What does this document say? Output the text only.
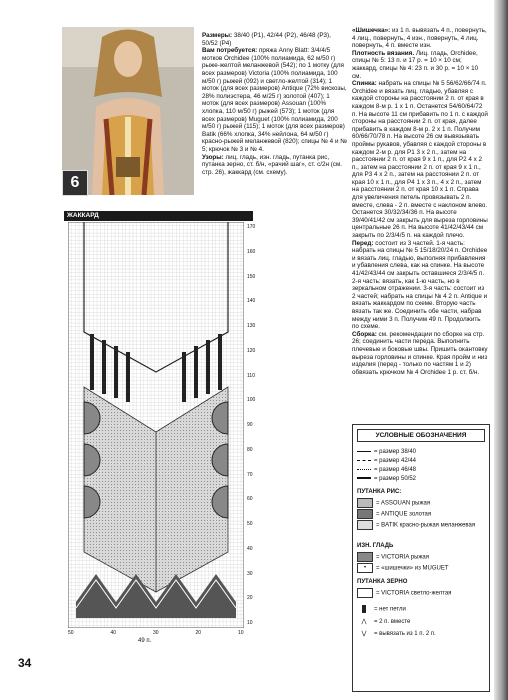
6

Размеры: 38/40 (P1), 42/44 (P2), 46/48 (P3), 50/52 (P4)

Вам потребуется: пряжа Anny Blatt: 3/4/4/5 мотков Orchidee (100% полиамида, 62 м/50 г) рыже-желтой меланжевой (542); по 1 мотку (для всех размеров) Victoria (100% полиамида, 100 м/50 г) рыжей (092) и светло-желтой (314); 1 моток (для всех размеров) Antique (72% вискозы, 28% полиэстера, 46 м/25 г) золотой (407); 1 моток (для всех размеров) Assouan (100% хлопка, 110 м/50 г) рыжей (573); 1 моток (для всех размеров) Muguet (100% полиамида, 200 м/50 г) рыжей (115); 1 моток (для всех размеров) Batik (66% хлопка, 34% нейлона, 64 м/50 г) красно-рыжей меланжевой (820); спицы № 4 и № 5; крючок № 3 и № 4.

Узоры: лиц. гладь, изн. гладь, путанка рис, путанка зерно, ст. б/н, «рачий шаг», ст. с/2н (см. стр. 26), жаккард (см. схему).

«Шишечка»: из 1 п. вывязать 4 п., повернуть, 4 лиц., повернуть, 4 изн., повернуть, 4 лиц. повернуть, 4 п. вместе изн.

Плотность вязания. Лиц. гладь, Orchidee, спицы № 5: 13 п. и 17 р. = 10 × 10 см; жаккард, спицы № 4: 23 п. и 30 р. = 10 × 10 см.

Спинка: набрать на спицы № 5 56/62/66/74 п. Orchidee и вязать лиц. гладью, убавляя с каждой стороны на расстоянии 2 п. от края в каждом 8-м р. 1 х 1 п. Останется 54/60/64/72 п. На высоте 11 см прибавить по 1 п. с каждой стороны на расстоянии 2 п. от края, далее прибавить в каждом 8-м р. 2 х 1 п. Получим 60/66/70/78 п. На высоте 26 см вывязывать проймы рукавов, убавляя с каждой стороны в каждом 2-м р. для P1 3 х 2 п., затем на расстоянии 2 п. от края 9 х 1 п., для P2 4 х 2 п., затем на расстоянии 2 п. от края 9 х 1 п., для P3 4 х 2 п., затем на расстоянии 2 п. от края 10 х 1 п., для P4 1 х 3 п., 4 х 2 п., затем на расстоянии 2 п. от края 10 х 1 п. Справа для увеличения петель провязывать 2 п. вместе, слева - 2 п. вместе с наклоном влево. Останется 30/32/34/36 п. На высоте 39/40/41/42 см закрыть для выреза горловины центральные 26 п. На высоте 41/42/43/44 см закрыть по 2/3/4/5 п. на каждой плечо.

Перед: состоит из 3 частей. 1-я часть: набрать на спицы № 5 15/18/20/24 п. Orchidee и вязать лиц. гладью, выполняя прибавления и убавления слева, как на спинке. На высоте 41/42/43/44 см закрыть оставшиеся 2/3/4/5 п. 2-я часть: вязать, как 1-ю часть, но в зеркальном отражении. 3-я часть: состоит из 2 частей; набрать на спицы № 4 2 п. Antique и вязать жаккардом по схеме. Вторую часть вязать так же. Соединить обе части, набрав между ними 3 п. Получим 49 п. Продолжить по схеме.

Сборка: см. рекомендации по сборке на стр. 26; соединить части переда. Выполнить плечевые и боковые швы. Пришить окантовку выреза горловины и спинке. Края пройм и низ изделия (перед - только по частям 1 и 2) обвязать крючком № 4 Orchidee 1 р. ст. б/н.

ЖАККАРД
170
160
150
140
130
120
110
100
90
80
70
60
50
40
30
20
10
50	40	30	20	10
49 п.
УСЛОВНЫЕ ОБОЗНАЧЕНИЯ
= размер 38/40
= размер 42/44
= размер 46/48
= размер 50/52
ПУТАНКА РИС:
= ASSOUAN рыжая
= ANTIQUE золотая
= BATIK красно-рыжая меланжевая
ИЗН. ГЛАДЬ
= VICTORIA рыжая
• = «шишечки» из MUGUET
ПУТАНКА ЗЕРНО
= VICTORIA светло-желтая
= нет петли
⋀ = 2 п. вместе
⋁ = вывязать из 1 п. 2 п.
34
